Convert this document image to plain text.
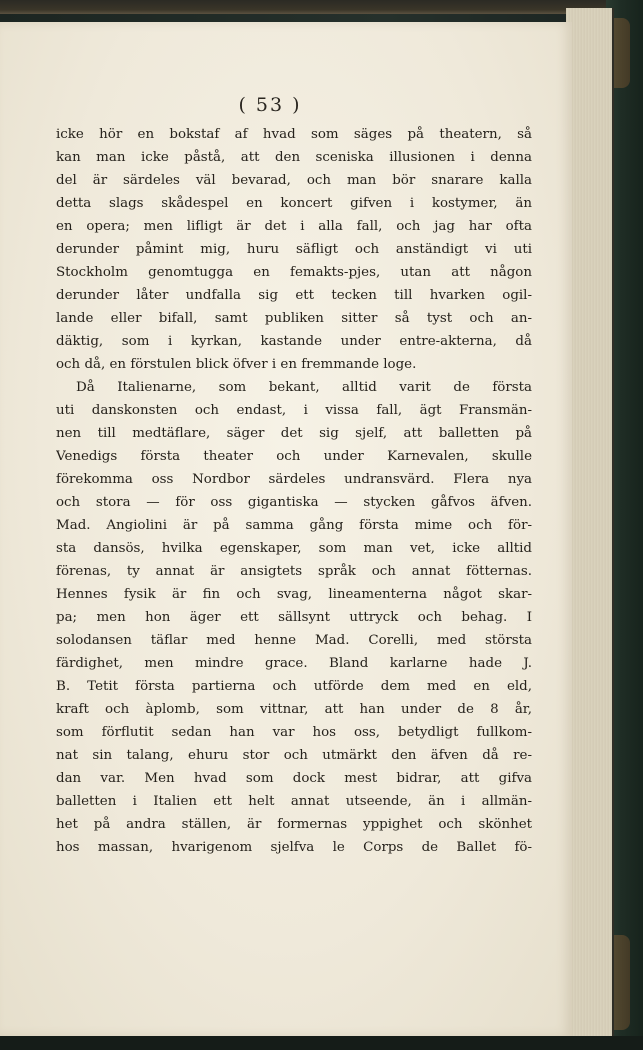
( 53 )
icke hör en bokstaf af hvad som säges på theatern, så
kan man icke påstå, att den sceniska illusionen i denna
del är särdeles väl bevarad, och man bör snarare kalla
detta slags skådespel en koncert gifven i kostymer, än
en opera; men lifligt är det i alla fall, och jag har ofta
derunder påmint mig, huru säfligt och anständigt vi uti
Stockholm genomtugga en femakts-pjes, utan att någon
derunder låter undfalla sig ett tecken till hvarken ogil-
lande eller bifall, samt publiken sitter så tyst och an-
däktig, som i kyrkan, kastande under entre-akterna, då
och då, en förstulen blick öfver i en fremmande loge.
Då Italienarne, som bekant, alltid varit de första
uti danskonsten och endast, i vissa fall, ägt Fransmän-
nen till medtäflare, säger det sig sjelf, att balletten på
Venedigs första theater och under Karnevalen, skulle
förekomma oss Nordbor särdeles undransvärd. Flera nya
och stora — för oss gigantiska — stycken gåfvos äfven.
Mad. Angiolini är på samma gång första mime och för-
sta dansös, hvilka egenskaper, som man vet, icke alltid
förenas, ty annat är ansigtets språk och annat fötternas.
Hennes fysik är fin och svag, lineamenterna något skar-
pa; men hon äger ett sällsynt uttryck och behag. I
solodansen täflar med henne Mad. Corelli, med största
färdighet, men mindre grace. Bland karlarne hade J.
B. Tetit första partierna och utförde dem med en eld,
kraft och àplomb, som vittnar, att han under de 8 år,
som förflutit sedan han var hos oss, betydligt fullkom-
nat sin talang, ehuru stor och utmärkt den äfven då re-
dan var. Men hvad som dock mest bidrar, att gifva
balletten i Italien ett helt annat utseende, än i allmän-
het på andra ställen, är formernas yppighet och skönhet
hos massan, hvarigenom sjelfva le Corps de Ballet fö-
